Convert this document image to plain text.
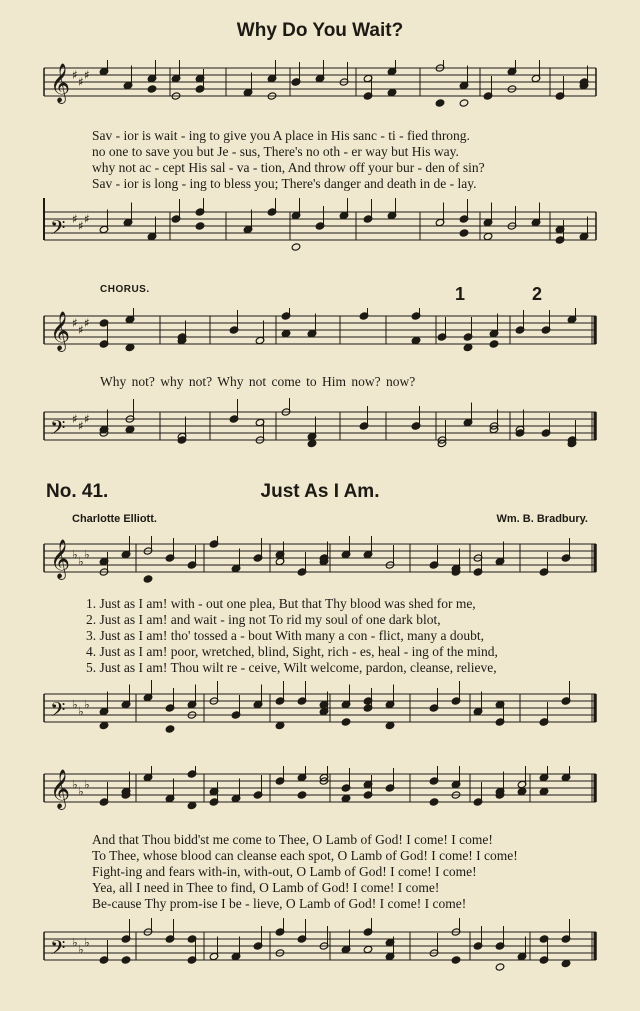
Why Do You Wait?
𝄞 ♯ ♯ ♯
Sav - ior is wait - ing to give you A place in His sanc - ti - fied throng.
no one to save you but Je - sus, There's no oth - er way but His way.
why not ac - cept His sal - va - tion, And throw off your bur - den of sin?
Sav - ior is long - ing to bless you; There's danger and death in de - lay.
𝄢 ♯ ♯ ♯
CHORUS.	1	2
𝄞 ♯ ♯ ♯
Why not? why not? Why not come to Him now? now?
𝄢 ♯ ♯ ♯
No. 41.	Just As I Am.
Charlotte Elliott.	Wm. B. Bradbury.
𝄞 ♭ ♭ ♭
1. Just as I am! with - out one plea, But that Thy blood was shed for me,
2. Just as I am! and wait - ing not To rid my soul of one dark blot,
3. Just as I am! tho' tossed a - bout With many a con - flict, many a doubt,
4. Just as I am! poor, wretched, blind, Sight, rich - es, heal - ing of the mind,
5. Just as I am! Thou wilt re - ceive, Wilt welcome, pardon, cleanse, relieve,
𝄢 ♭ ♭ ♭
𝄞 ♭ ♭ ♭
And that Thou bidd'st me come to Thee, O Lamb of God! I come! I come!
To Thee, whose blood can cleanse each spot, O Lamb of God! I come! I come!
Fight-ing and fears with-in, with-out, O Lamb of God! I come! I come!
Yea, all I need in Thee to find, O Lamb of God! I come! I come!
Be-cause Thy prom-ise I be - lieve, O Lamb of God! I come! I come!
𝄢 ♭ ♭ ♭
